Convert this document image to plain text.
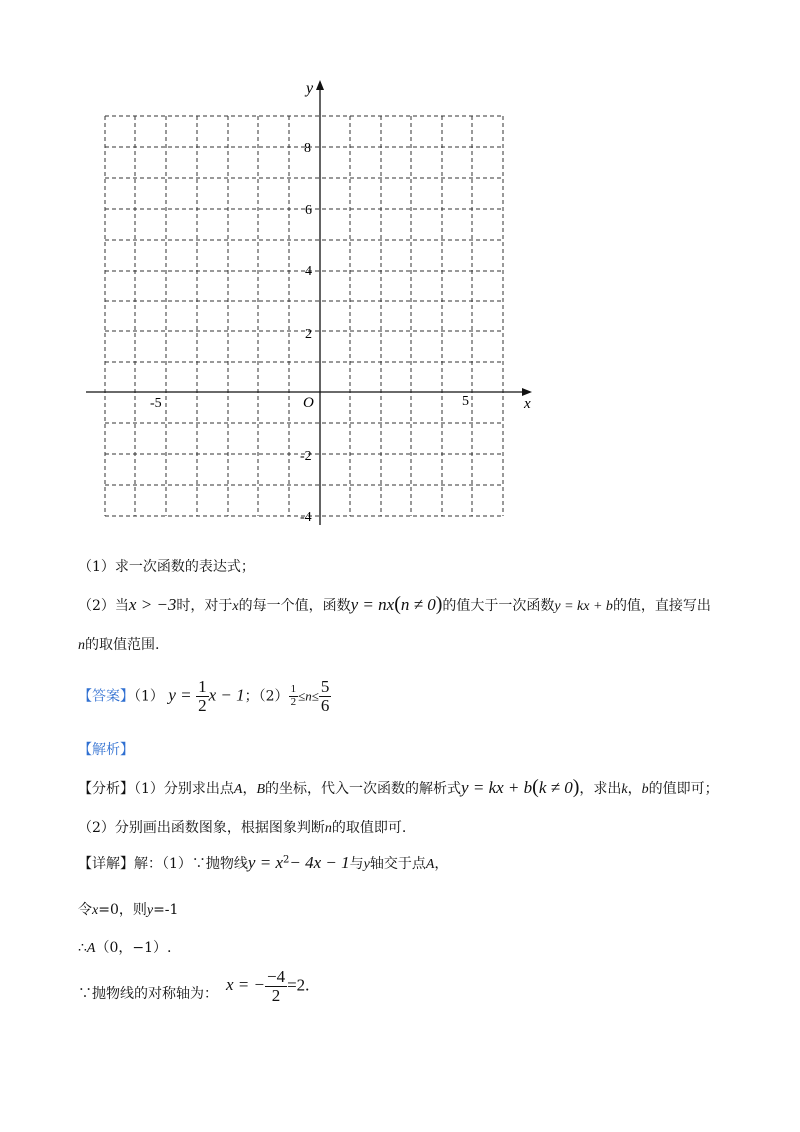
y
x
O
-5	5
8
6
4
2
-2
-4
（1）求一次函数的表达式；
（2）当x > −3时，对于x的每一个值，函数y = nx(n ≠ 0)的值大于一次函数y = kx + b的值，直接写出
n的取值范围.
【答案】（1） $y = \frac{1}{2}$ x − 1；$(2) \frac{1}{2} \le n\le \frac{5}{6}$
【解析】
【分析】（1）分别求出点A，B的坐标，代入一次函数的解析式y = kx + b(k ≠ 0)，求出k，b的值即可；
（2）分别画出函数图象，根据图象判断n的取值即可.
【详解】解：（1）∵抛物线$y = x^2- 4x - 1$与y轴交于点A，
令x=0，则y=-1
∴A（0，−1）.
∵抛物线的对称轴为： x = − $\frac{-4}{2} =2$.
